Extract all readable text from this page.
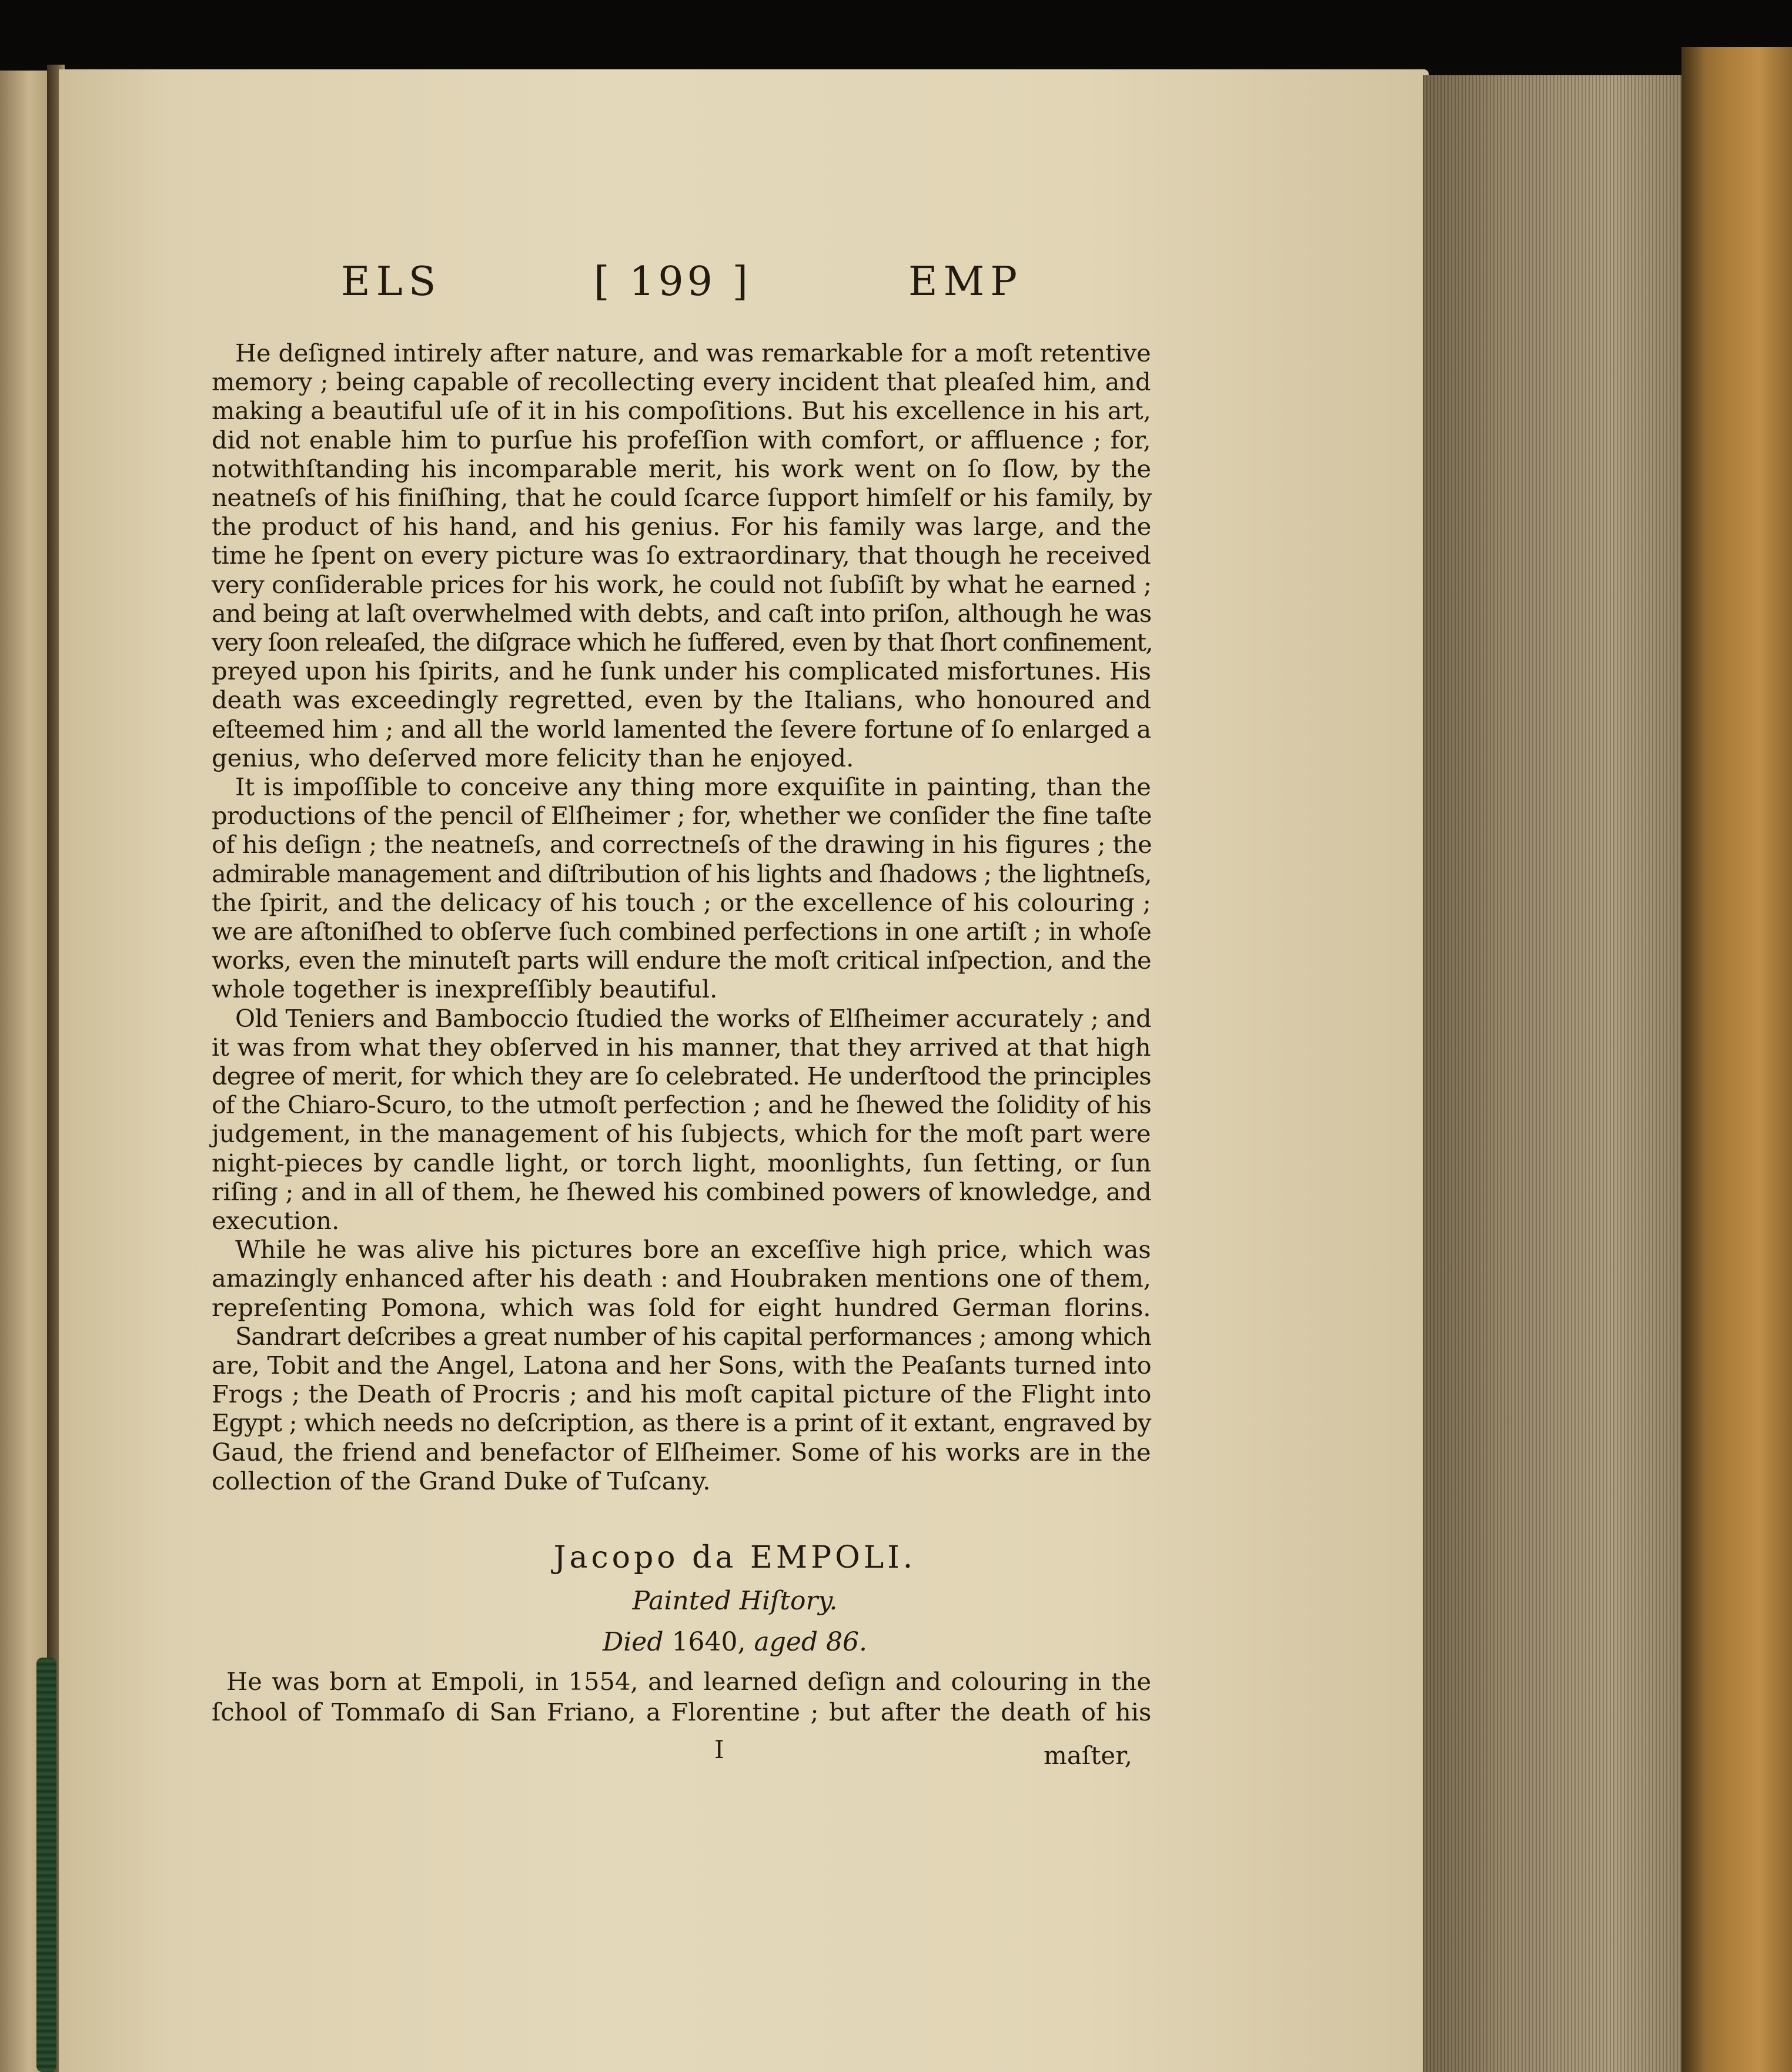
ELS	[ 199 ]	EMP
He deſigned intirely after nature, and was remarkable for a moſt retentive
memory ; being capable of recollecting every incident that pleaſed him, and
making a beautiful uſe of it in his compoſitions. But his excellence in his art,
did not enable him to purſue his profeſſion with comfort, or affluence ; for,
notwithſtanding his incomparable merit, his work went on ſo ſlow, by the
neatneſs of his finiſhing, that he could ſcarce ſupport himſelf or his family, by
the product of his hand, and his genius. For his family was large, and the
time he ſpent on every picture was ſo extraordinary, that though he received
very conſiderable prices for his work, he could not ſubſiſt by what he earned ;
and being at laſt overwhelmed with debts, and caſt into priſon, although he was
very ſoon releaſed, the diſgrace which he ſuffered, even by that ſhort confinement,
preyed upon his ſpirits, and he ſunk under his complicated misfortunes. His
death was exceedingly regretted, even by the Italians, who honoured and
eſteemed him ; and all the world lamented the ſevere fortune of ſo enlarged a
genius, who deſerved more felicity than he enjoyed.
It is impoſſible to conceive any thing more exquiſite in painting, than the
productions of the pencil of Elſheimer ; for, whether we conſider the fine taſte
of his deſign ; the neatneſs, and correctneſs of the drawing in his figures ; the
admirable management and diſtribution of his lights and ſhadows ; the lightneſs,
the ſpirit, and the delicacy of his touch ; or the excellence of his colouring ;
we are aſtoniſhed to obſerve ſuch combined perfections in one artiſt ; in whoſe
works, even the minuteſt parts will endure the moſt critical inſpection, and the
whole together is inexpreſſibly beautiful.
Old Teniers and Bamboccio ſtudied the works of Elſheimer accurately ; and
it was from what they obſerved in his manner, that they arrived at that high
degree of merit, for which they are ſo celebrated. He underſtood the principles
of the Chiaro-Scuro, to the utmoſt perfection ; and he ſhewed the ſolidity of his
judgement, in the management of his ſubjects, which for the moſt part were
night-pieces by candle light, or torch light, moonlights, ſun ſetting, or ſun
riſing ; and in all of them, he ſhewed his combined powers of knowledge, and
execution.
While he was alive his pictures bore an exceſſive high price, which was
amazingly enhanced after his death : and Houbraken mentions one of them,
repreſenting Pomona, which was ſold for eight hundred German florins.
Sandrart deſcribes a great number of his capital performances ; among which
are, Tobit and the Angel, Latona and her Sons, with the Peaſants turned into
Frogs ; the Death of Procris ; and his moſt capital picture of the Flight into
Egypt ; which needs no deſcription, as there is a print of it extant, engraved by
Gaud, the friend and benefactor of Elſheimer. Some of his works are in the
collection of the Grand Duke of Tuſcany.
Jacopo da EMPOLI.
Painted Hiſtory.
Died 1640, aged 86.
He was born at Empoli, in 1554, and learned deſign and colouring in the
ſchool of Tommaſo di San Friano, a Florentine ; but after the death of his
I	maſter,
